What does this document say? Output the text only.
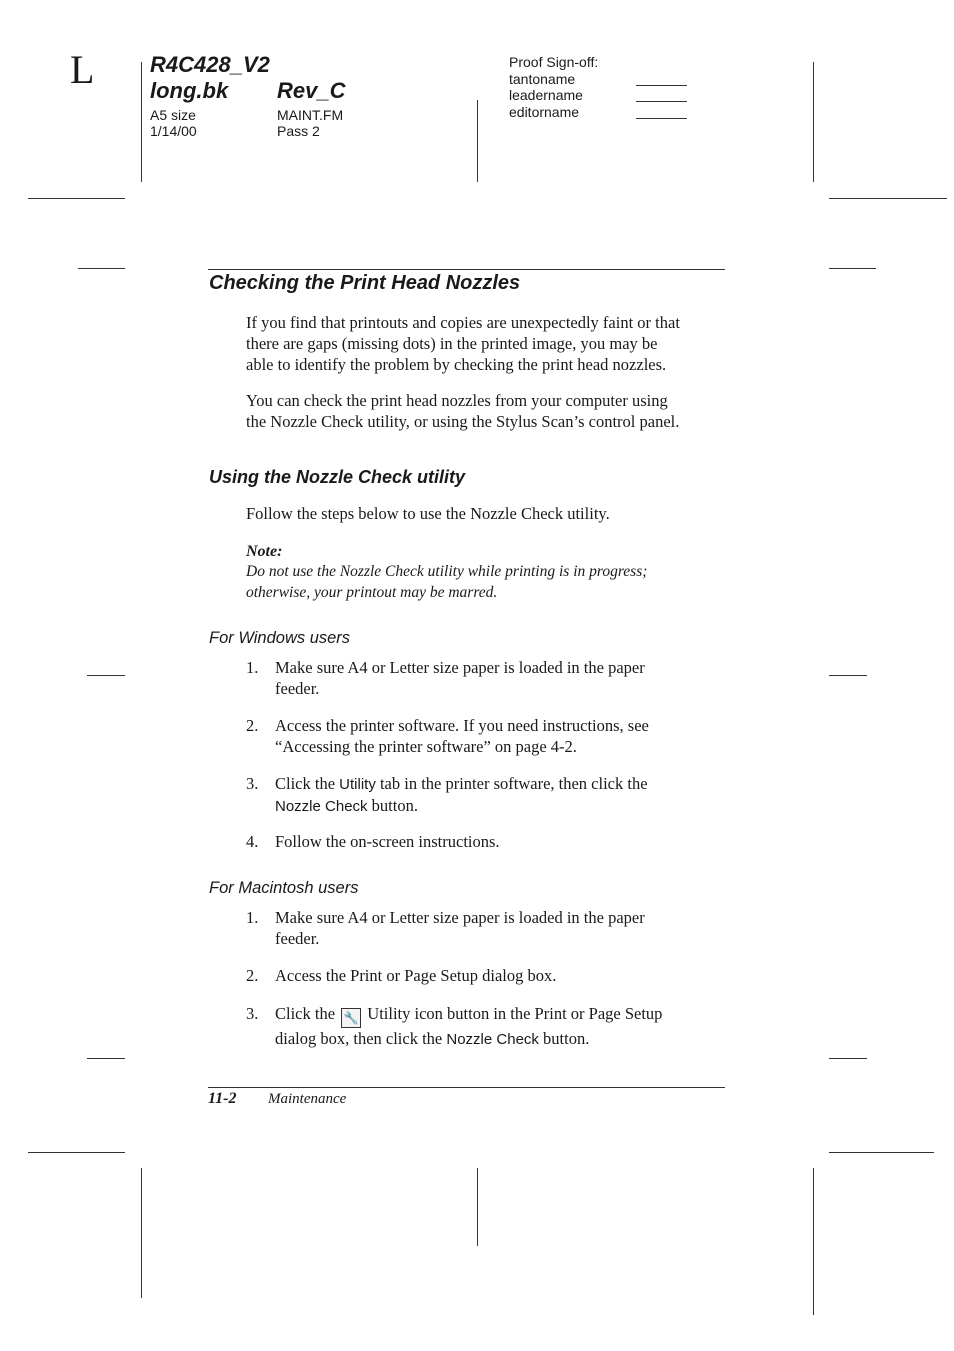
L	R4C428_V2
long.bk Rev_C
A5 size
1/14/00
MAINT.FM
Pass 2
Proof Sign-off:
tantoname
leadername
editorname
Checking the Print Head Nozzles
If you find that printouts and copies are unexpectedly faint or that
there are gaps (missing dots) in the printed image, you may be
able to identify the problem by checking the print head nozzles.
You can check the print head nozzles from your computer using
the Nozzle Check utility, or using the Stylus Scan’s control panel.
Using the Nozzle Check utility
Follow the steps below to use the Nozzle Check utility.
Note:
Do not use the Nozzle Check utility while printing is in progress;
otherwise, your printout may be marred.
For Windows users
1. Make sure A4 or Letter size paper is loaded in the paper
feeder.
2. Access the printer software. If you need instructions, see
“Accessing the printer software” on page 4-2.
3. Click the Utility tab in the printer software, then click the
Nozzle Check button.
4. Follow the on-screen instructions.
For Macintosh users
1. Make sure A4 or Letter size paper is loaded in the paper
feeder.
2. Access the Print or Page Setup dialog box.
3. Click the 🔧 Utility icon button in the Print or Page Setup
dialog box, then click the Nozzle Check button.
11-2 Maintenance
